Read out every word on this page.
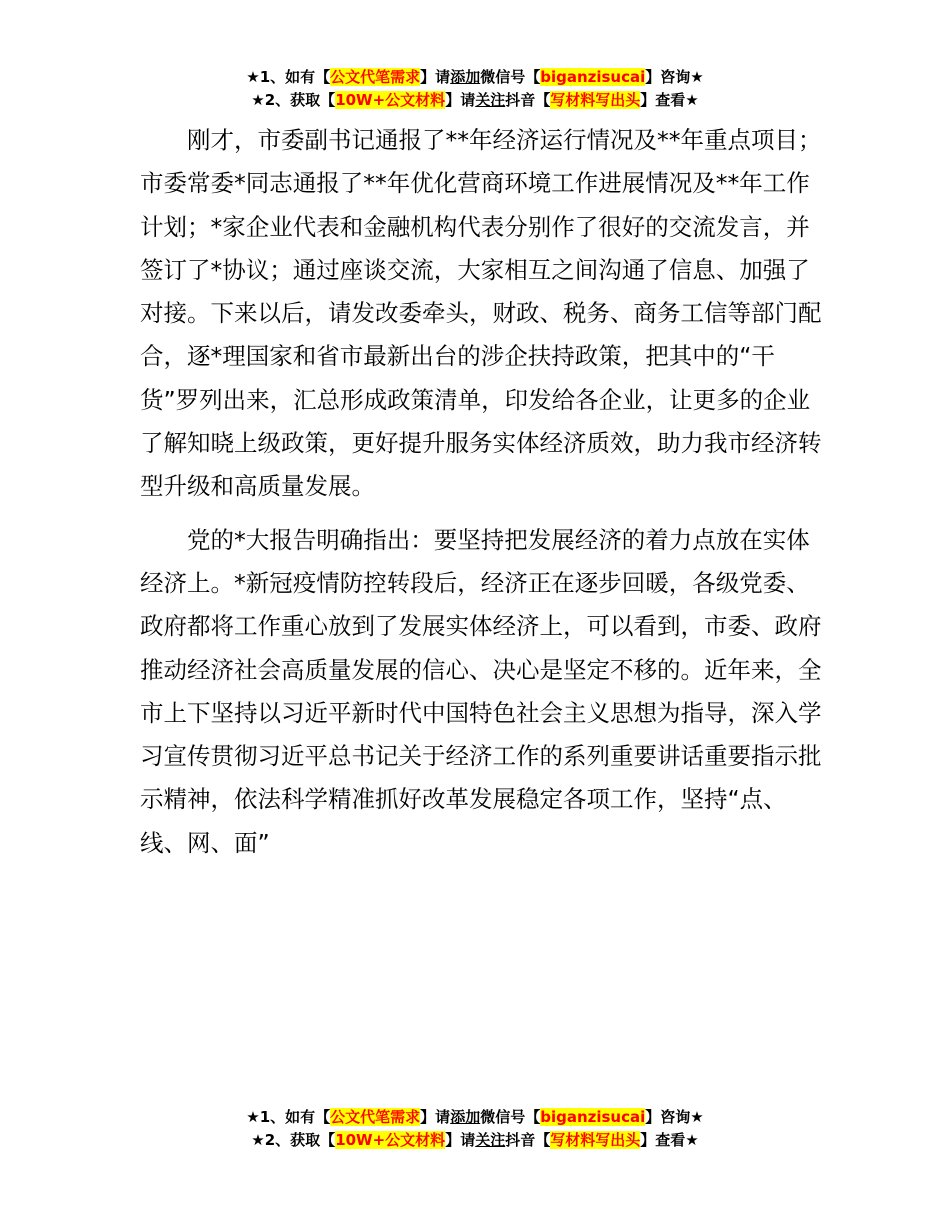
★1、如有【公文代笔需求】请添加微信号【biganzisucai】咨询★
★2、获取【10W+公文材料】请关注抖音【写材料写出头】查看★

刚才，市委副书记通报了**年经济运行情况及**年重点项目；市委常委*同志通报了**年优化营商环境工作进展情况及**年工作计划；*家企业代表和金融机构代表分别作了很好的交流发言，并签订了*协议；通过座谈交流，大家相互之间沟通了信息、加强了对接。下来以后，请发改委牵头，财政、税务、商务工信等部门配合，逐*理国家和省市最新出台的涉企扶持政策，把其中的“干货”罗列出来，汇总形成政策清单，印发给各企业，让更多的企业了解知晓上级政策，更好提升服务实体经济质效，助力我市经济转型升级和高质量发展。

党的*大报告明确指出：要坚持把发展经济的着力点放在实体经济上。*新冠疫情防控转段后，经济正在逐步回暖，各级党委、政府都将工作重心放到了发展实体经济上，可以看到，市委、政府推动经济社会高质量发展的信心、决心是坚定不移的。近年来，全市上下坚持以习近平新时代中国特色社会主义思想为指导，深入学习宣传贯彻习近平总书记关于经济工作的系列重要讲话重要指示批示精神，依法科学精准抓好改革发展稳定各项工作，坚持“点、线、网、面”

★1、如有【公文代笔需求】请添加微信号【biganzisucai】咨询★
★2、获取【10W+公文材料】请关注抖音【写材料写出头】查看★
